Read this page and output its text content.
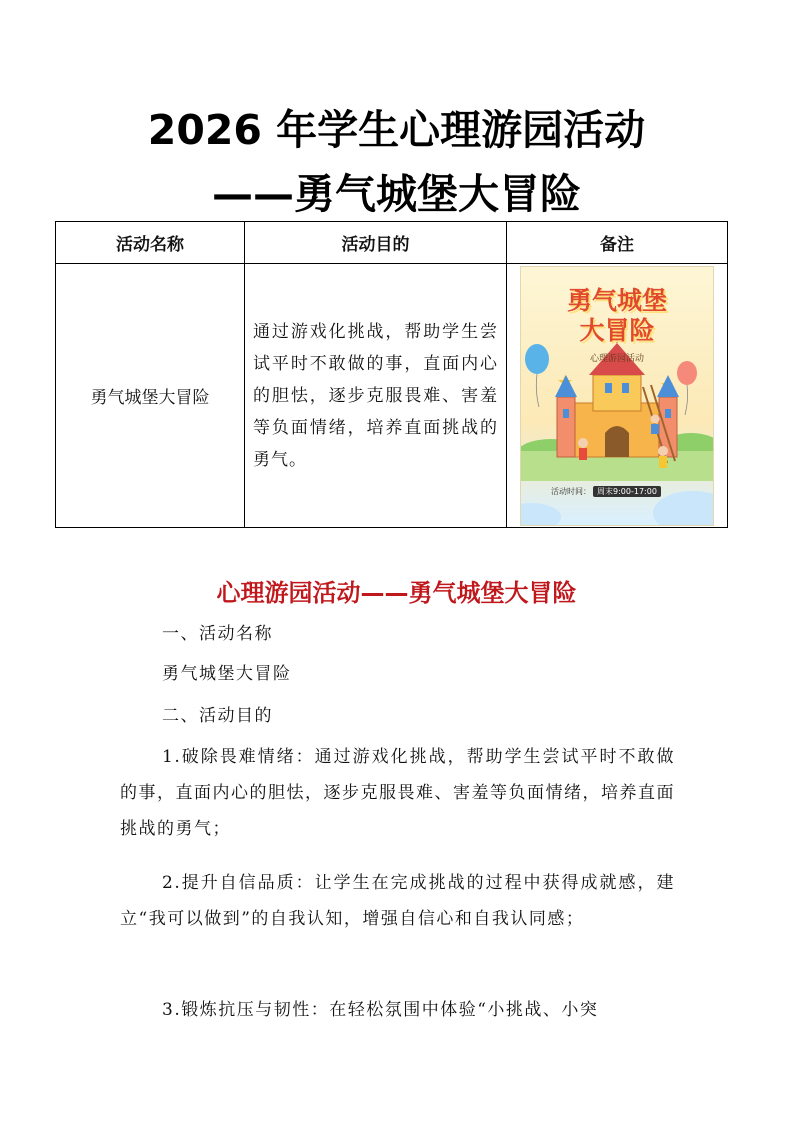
2026 年学生心理游园活动
——勇气城堡大冒险
活动名称	活动目的	备注
勇气城堡大冒险	通过游戏化挑战，帮助学生尝试平时不敢做的事，直面内心的胆怯，逐步克服畏难、害羞等负面情绪，培养直面挑战的勇气。	勇气城堡
大冒险
心理游园活动
活动时间： 周末9:00-17:00
心理游园活动——勇气城堡大冒险
一、活动名称
勇气城堡大冒险
二、活动目的
1.破除畏难情绪：通过游戏化挑战，帮助学生尝试平时不敢做的事，直面内心的胆怯，逐步克服畏难、害羞等负面情绪，培养直面挑战的勇气；
2.提升自信品质：让学生在完成挑战的过程中获得成就感，建立“我可以做到”的自我认知，增强自信心和自我认同感；
3.锻炼抗压与韧性：在轻松氛围中体验“小挑战、小突
